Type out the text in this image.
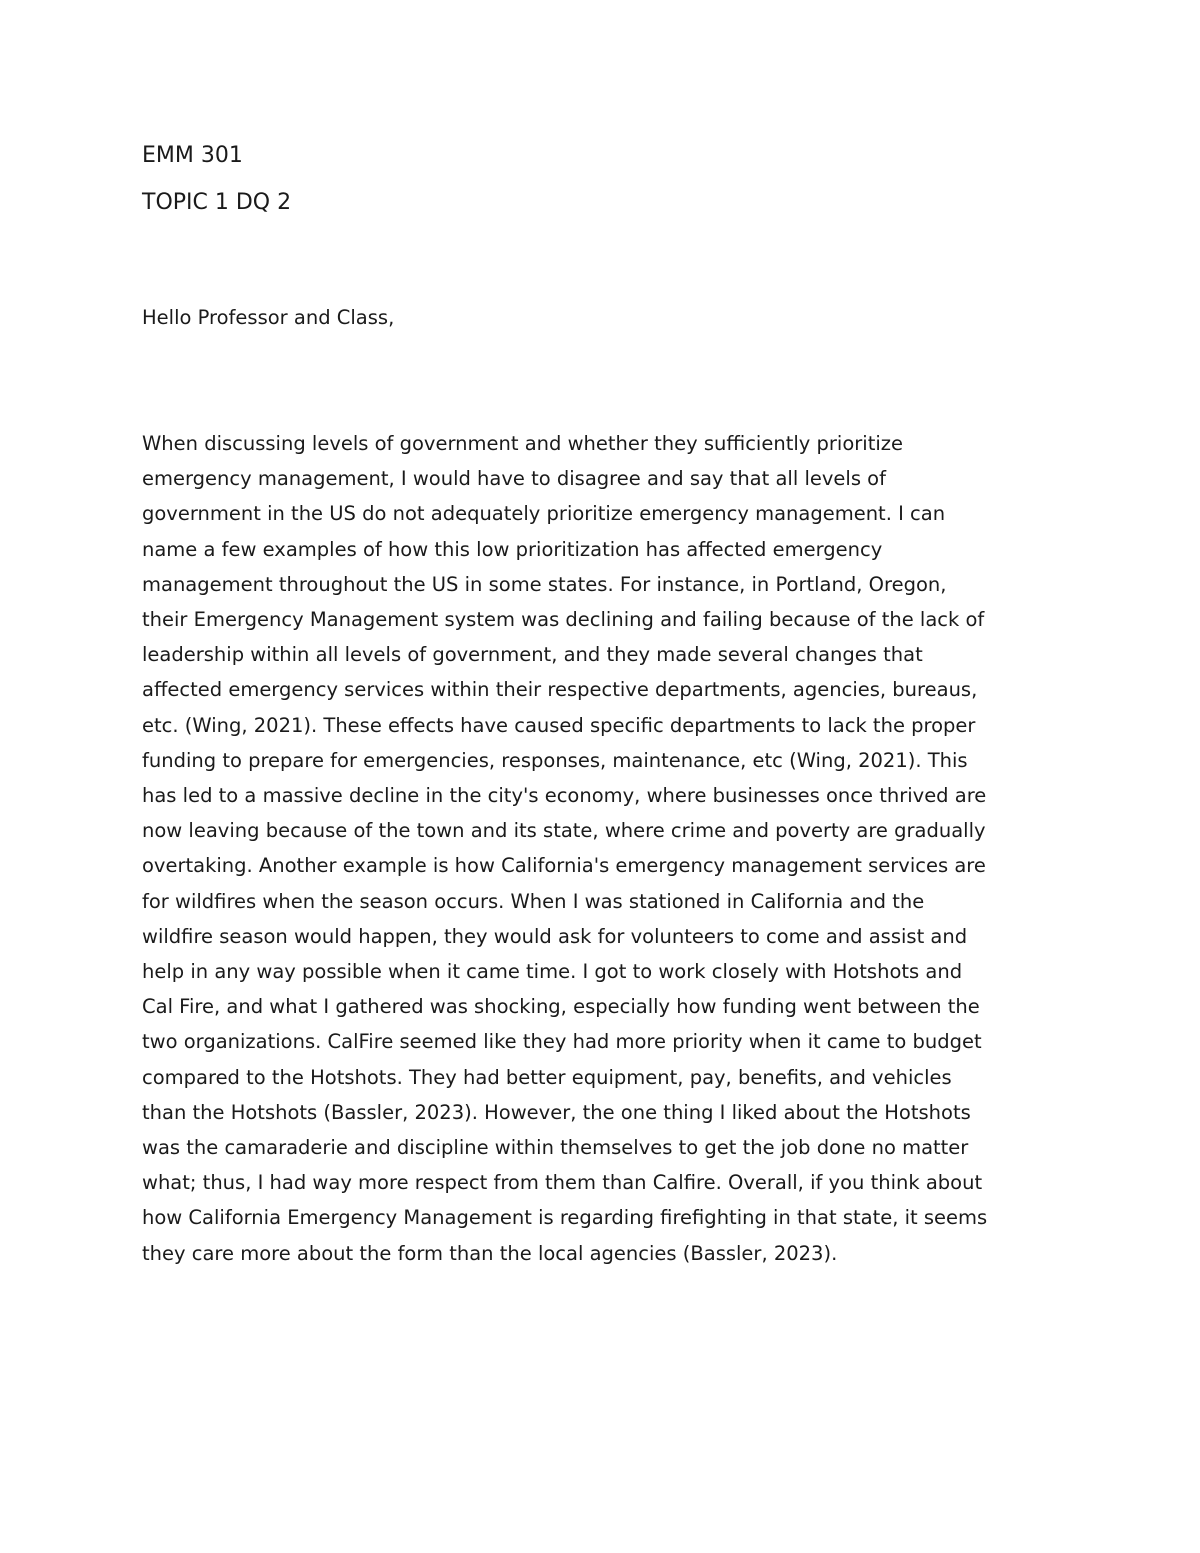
EMM 301
TOPIC 1 DQ 2

Hello Professor and Class,

When discussing levels of government and whether they sufficiently prioritize
emergency management, I would have to disagree and say that all levels of
government in the US do not adequately prioritize emergency management. I can
name a few examples of how this low prioritization has affected emergency
management throughout the US in some states. For instance, in Portland, Oregon,
their Emergency Management system was declining and failing because of the lack of
leadership within all levels of government, and they made several changes that
affected emergency services within their respective departments, agencies, bureaus,
etc. (Wing, 2021). These effects have caused specific departments to lack the proper
funding to prepare for emergencies, responses, maintenance, etc (Wing, 2021). This
has led to a massive decline in the city's economy, where businesses once thrived are
now leaving because of the town and its state, where crime and poverty are gradually
overtaking. Another example is how California's emergency management services are
for wildfires when the season occurs. When I was stationed in California and the
wildfire season would happen, they would ask for volunteers to come and assist and
help in any way possible when it came time. I got to work closely with Hotshots and
Cal Fire, and what I gathered was shocking, especially how funding went between the
two organizations. CalFire seemed like they had more priority when it came to budget
compared to the Hotshots. They had better equipment, pay, benefits, and vehicles
than the Hotshots (Bassler, 2023). However, the one thing I liked about the Hotshots
was the camaraderie and discipline within themselves to get the job done no matter
what; thus, I had way more respect from them than Calfire. Overall, if you think about
how California Emergency Management is regarding firefighting in that state, it seems
they care more about the form than the local agencies (Bassler, 2023).
